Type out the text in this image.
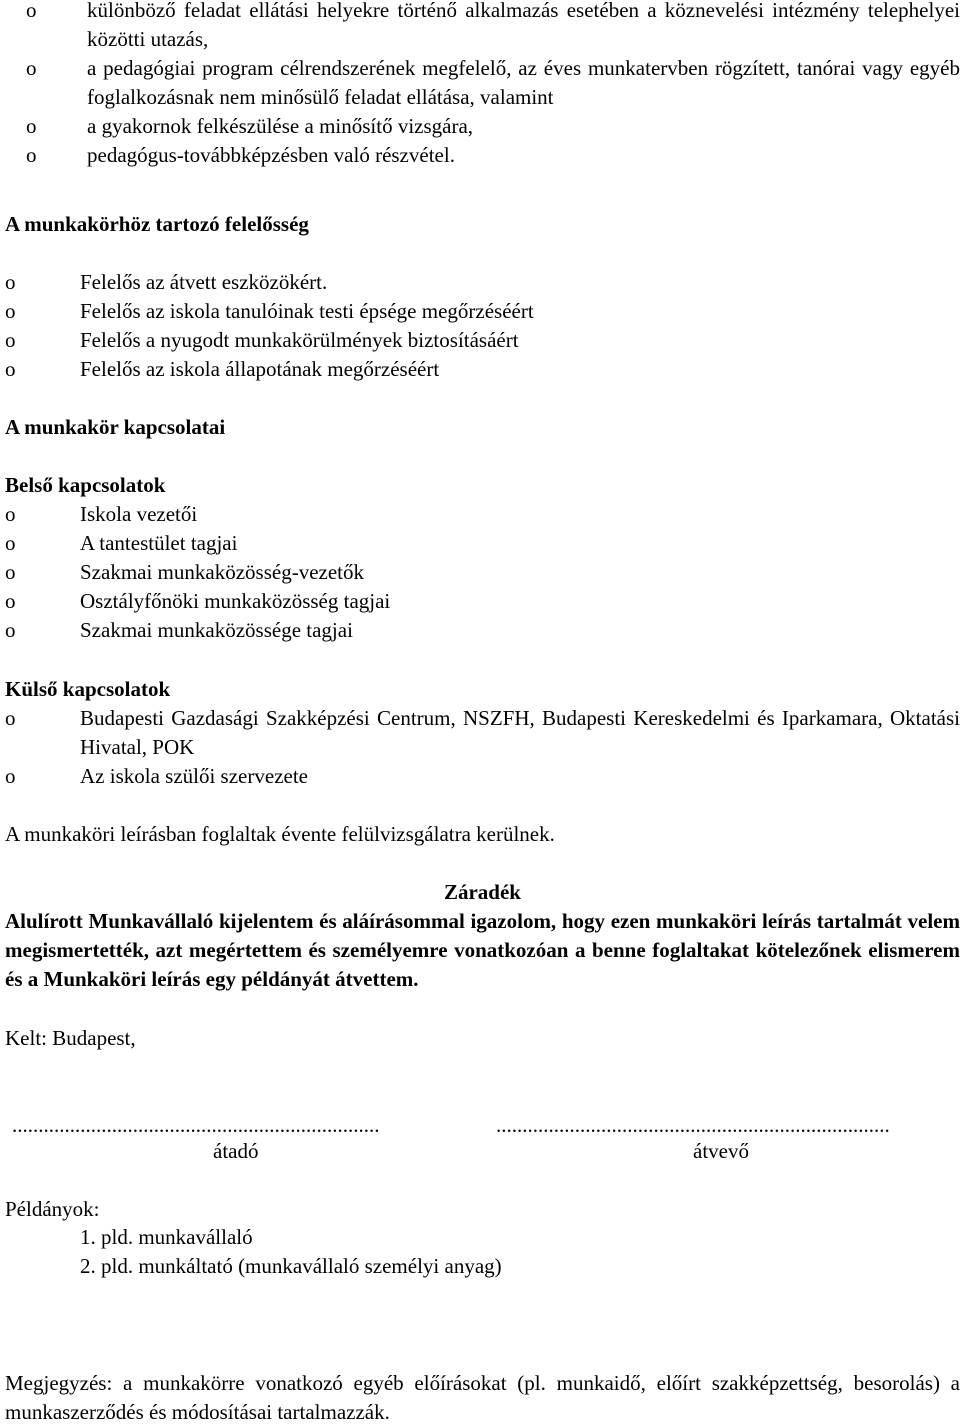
o különböző feladat ellátási helyekre történő alkalmazás esetében a köznevelési intézmény telephelyei közötti utazás,
o a pedagógiai program célrendszerének megfelelő, az éves munkatervben rögzített, tanórai vagy egyéb foglalkozásnak nem minősülő feladat ellátása, valamint
o a gyakornok felkészülése a minősítő vizsgára,
o pedagógus-továbbképzésben való részvétel.
A munkakörhöz tartozó felelősség
o	Felelős az átvett eszközökért.
o	Felelős az iskola tanulóinak testi épsége megőrzéséért
o	Felelős a nyugodt munkakörülmények biztosításáért
o	Felelős az iskola állapotának megőrzéséért
A munkakör kapcsolatai
Belső kapcsolatok
o	Iskola vezetői
o	A tantestület tagjai
o	Szakmai munkaközösség-vezetők
o	Osztályfőnöki munkaközösség tagjai
o	Szakmai munkaközössége tagjai
Külső kapcsolatok
o	Budapesti Gazdasági Szakképzési Centrum, NSZFH, Budapesti Kereskedelmi és Iparkamara, Oktatási Hivatal, POK
o	Az iskola szülői szervezete
A munkaköri leírásban foglaltak évente felülvizsgálatra kerülnek.
Záradék
Alulírott Munkavállaló kijelentem és aláírásommal igazolom, hogy ezen munkaköri leírás tartalmát velem megismertették, azt megértettem és személyemre vonatkozóan a benne foglaltakat kötelezőnek elismerem és a Munkaköri leírás egy példányát átvettem.
Kelt: Budapest,
......................................................................	...........................................................................
átadó	átvevő
Példányok:
1. pld. munkavállaló
2. pld. munkáltató (munkavállaló személyi anyag)
Megjegyzés: a munkakörre vonatkozó egyéb előírásokat (pl. munkaidő, előírt szakképzettség, besorolás) a munkaszerződés és módosításai tartalmazzák.
